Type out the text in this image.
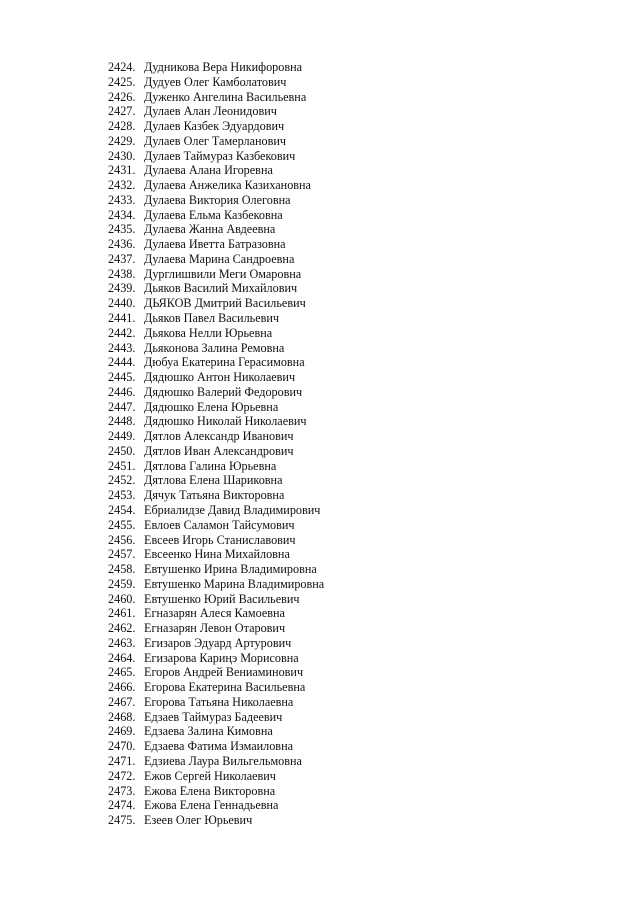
2424. Дудникова Вера Никифоровна
2425. Дудуев Олег Камболатович
2426. Дуженко Ангелина Васильевна
2427. Дулаев Алан Леонидович
2428. Дулаев Казбек Эдуардович
2429. Дулаев Олег Тамерланович
2430. Дулаев Таймураз Казбекович
2431. Дулаева Алана Игоревна
2432. Дулаева Анжелика Казихановна
2433. Дулаева Виктория Олеговна
2434. Дулаева Ельма Казбековна
2435. Дулаева Жанна Авдеевна
2436. Дулаева Иветта Батразовна
2437. Дулаева Марина Сандроевна
2438. Дурглишвили Меги Омаровна
2439. Дьяков Василий Михайлович
2440. ДЬЯКОВ Дмитрий Васильевич
2441. Дьяков Павел Васильевич
2442. Дьякова Нелли Юрьевна
2443. Дьяконова Залина Ремовна
2444. Дюбуа Екатерина Герасимовна
2445. Дядюшко Антон Николаевич
2446. Дядюшко Валерий Федорович
2447. Дядюшко Елена Юрьевна
2448. Дядюшко Николай Николаевич
2449. Дятлов Александр Иванович
2450. Дятлов Иван Александрович
2451. Дятлова Галина Юрьевна
2452. Дятлова Елена Шариковна
2453. Дячук Татьяна Викторовна
2454. Ебриалидзе Давид Владимирович
2455. Евлоев Саламон Тайсумович
2456. Евсеев Игорь Станиславович
2457. Евсеенко Нина Михайловна
2458. Евтушенко Ирина Владимировна
2459. Евтушенко Марина Владимировна
2460. Евтушенко Юрий Васильевич
2461. Егназарян Алеся Камоевна
2462. Егназарян Левон Отарович
2463. Егизаров Эдуард Артурович
2464. Егизарова Кариңэ Морисовна
2465. Егоров Андрей Вениаминович
2466. Егорова Екатерина Васильевна
2467. Егорова Татьяна Николаевна
2468. Едзаев Таймураз Бадеевич
2469. Едзаева Залина Кимовна
2470. Едзаева Фатима Измаиловна
2471. Едзиева Лаура Вильгельмовна
2472. Ежов Сергей Николаевич
2473. Ежова Елена Викторовна
2474. Ежова Елена Геннадьевна
2475. Езеев Олег Юрьевич
